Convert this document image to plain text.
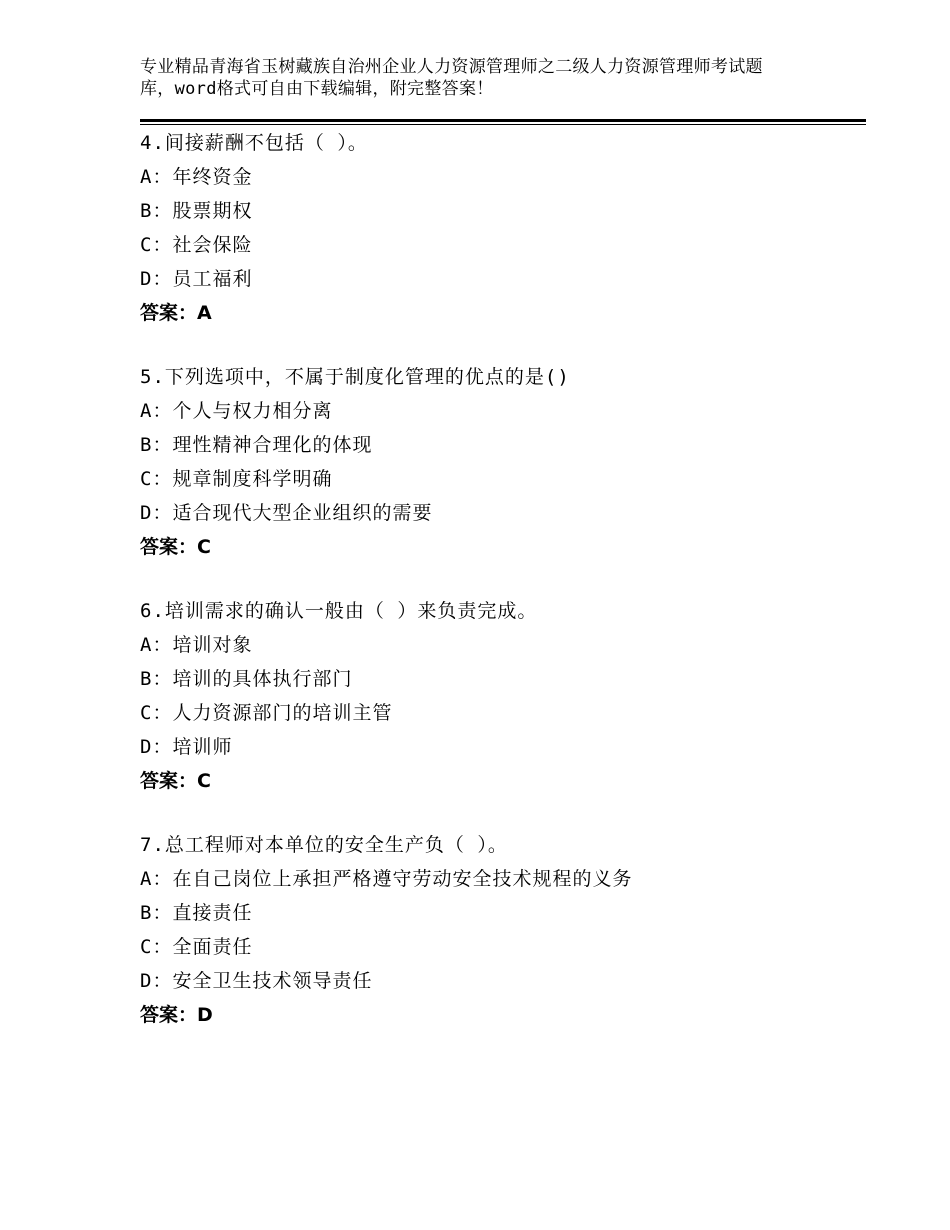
专业精品青海省玉树藏族自治州企业人力资源管理师之二级人力资源管理师考试题
库，word格式可自由下载编辑，附完整答案！
4.间接薪酬不包括（ ）。
A：年终资金
B：股票期权
C：社会保险
D：员工福利
答案：A
5.下列选项中，不属于制度化管理的优点的是()
A：个人与权力相分离
B：理性精神合理化的体现
C：规章制度科学明确
D：适合现代大型企业组织的需要
答案：C
6.培训需求的确认一般由（ ）来负责完成。
A：培训对象
B：培训的具体执行部门
C：人力资源部门的培训主管
D：培训师
答案：C
7.总工程师对本单位的安全生产负（ ）。
A：在自己岗位上承担严格遵守劳动安全技术规程的义务
B：直接责任
C：全面责任
D：安全卫生技术领导责任
答案：D
